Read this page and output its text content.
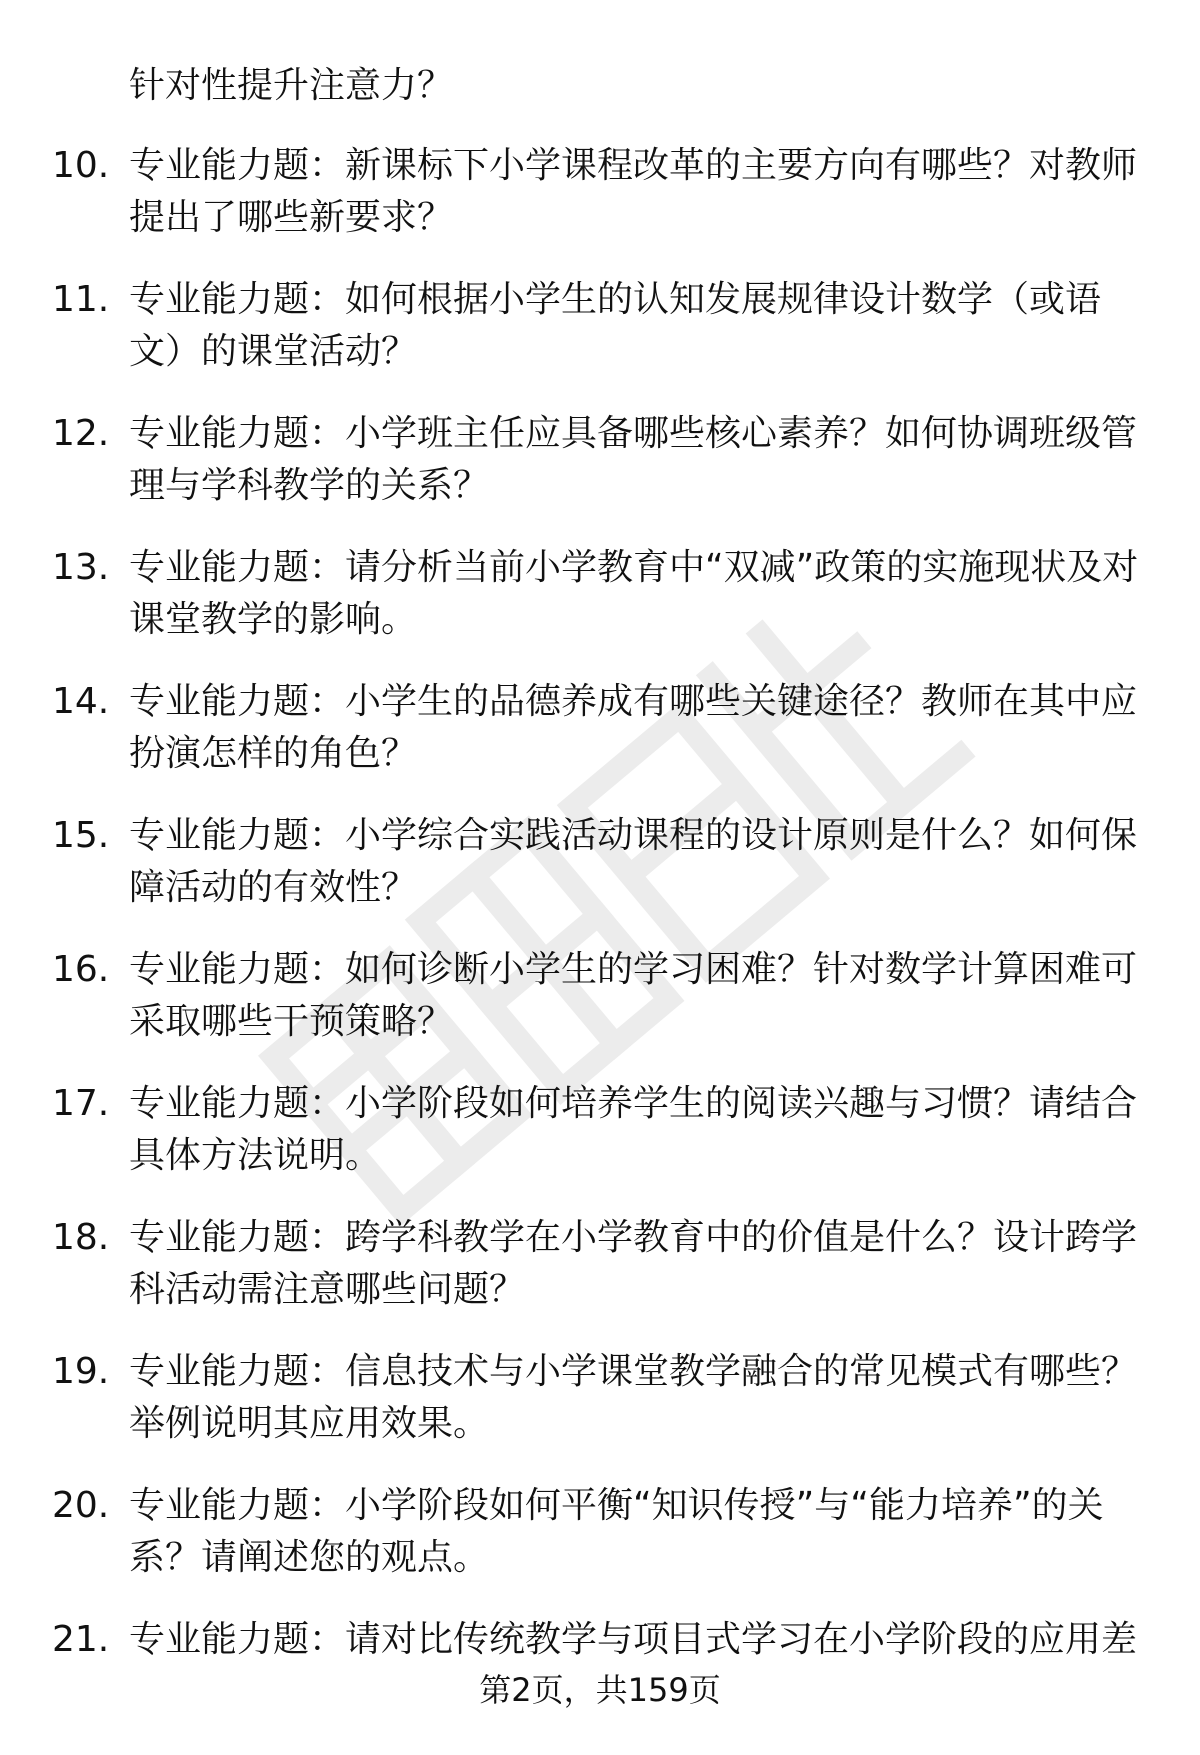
针对性提升注意力？
10. 专业能力题：新课标下小学课程改革的主要方向有哪些？对教师提出了哪些新要求？
11. 专业能力题：如何根据小学生的认知发展规律设计数学（或语文）的课堂活动？
12. 专业能力题：小学班主任应具备哪些核心素养？如何协调班级管理与学科教学的关系？
13. 专业能力题：请分析当前小学教育中“双减”政策的实施现状及对课堂教学的影响。
14. 专业能力题：小学生的品德养成有哪些关键途径？教师在其中应扮演怎样的角色？
15. 专业能力题：小学综合实践活动课程的设计原则是什么？如何保障活动的有效性？
16. 专业能力题：如何诊断小学生的学习困难？针对数学计算困难可采取哪些干预策略？
17. 专业能力题：小学阶段如何培养学生的阅读兴趣与习惯？请结合具体方法说明。
18. 专业能力题：跨学科教学在小学教育中的价值是什么？设计跨学科活动需注意哪些问题？
19. 专业能力题：信息技术与小学课堂教学融合的常见模式有哪些？举例说明其应用效果。
20. 专业能力题：小学阶段如何平衡“知识传授”与“能力培养”的关系？请阐述您的观点。
21. 专业能力题：请对比传统教学与项目式学习在小学阶段的应用差
第2页，共159页
